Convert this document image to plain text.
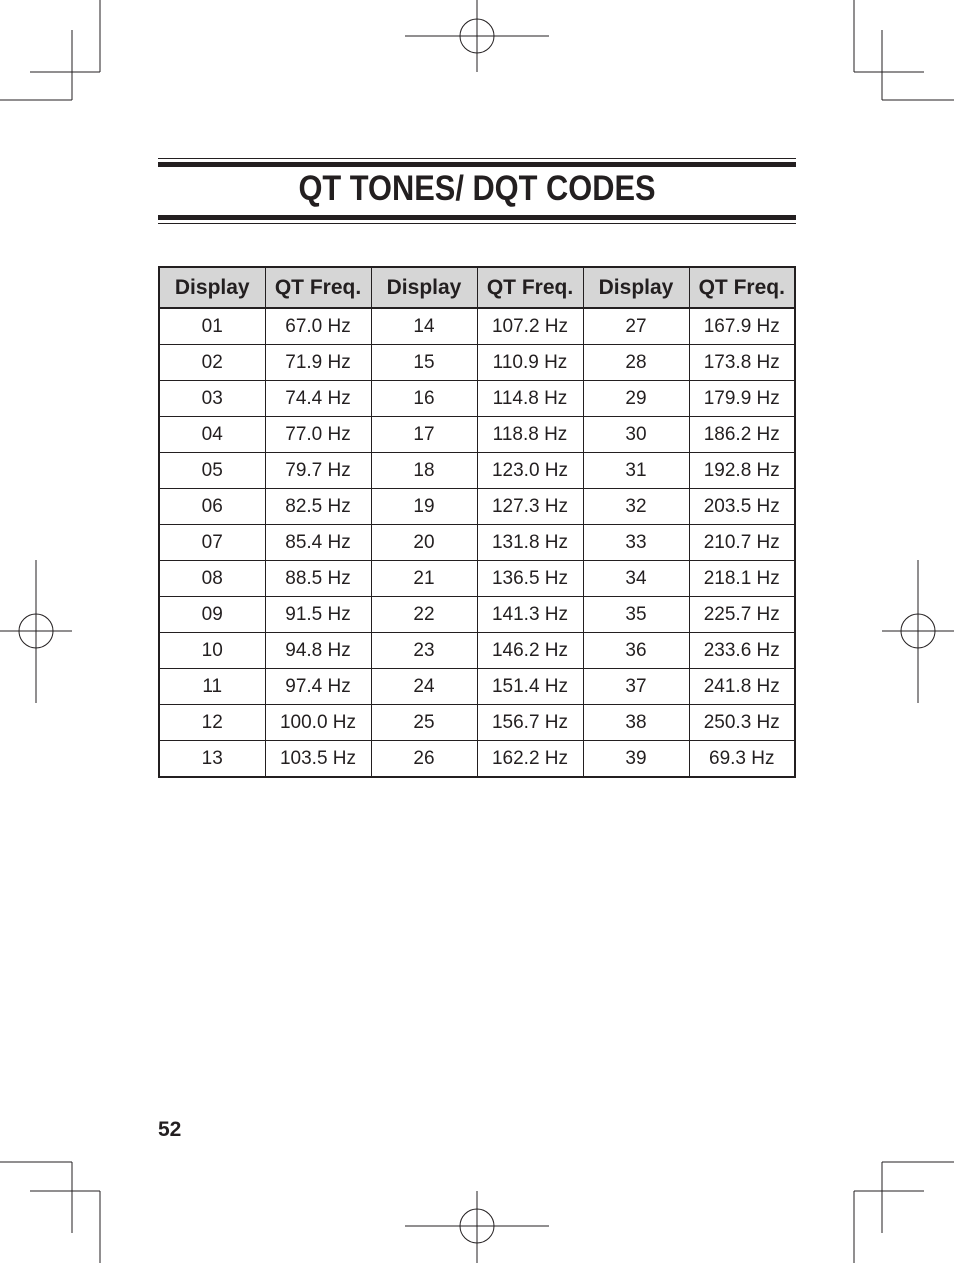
QT TONES/ DQT CODES
Display	QT Freq.	Display	QT Freq.	Display	QT Freq.
01	67.0 Hz	14	107.2 Hz	27	167.9 Hz
02	71.9 Hz	15	110.9 Hz	28	173.8 Hz
03	74.4 Hz	16	114.8 Hz	29	179.9 Hz
04	77.0 Hz	17	118.8 Hz	30	186.2 Hz
05	79.7 Hz	18	123.0 Hz	31	192.8 Hz
06	82.5 Hz	19	127.3 Hz	32	203.5 Hz
07	85.4 Hz	20	131.8 Hz	33	210.7 Hz
08	88.5 Hz	21	136.5 Hz	34	218.1 Hz
09	91.5 Hz	22	141.3 Hz	35	225.7 Hz
10	94.8 Hz	23	146.2 Hz	36	233.6 Hz
11	97.4 Hz	24	151.4 Hz	37	241.8 Hz
12	100.0 Hz	25	156.7 Hz	38	250.3 Hz
13	103.5 Hz	26	162.2 Hz	39	69.3 Hz
52
